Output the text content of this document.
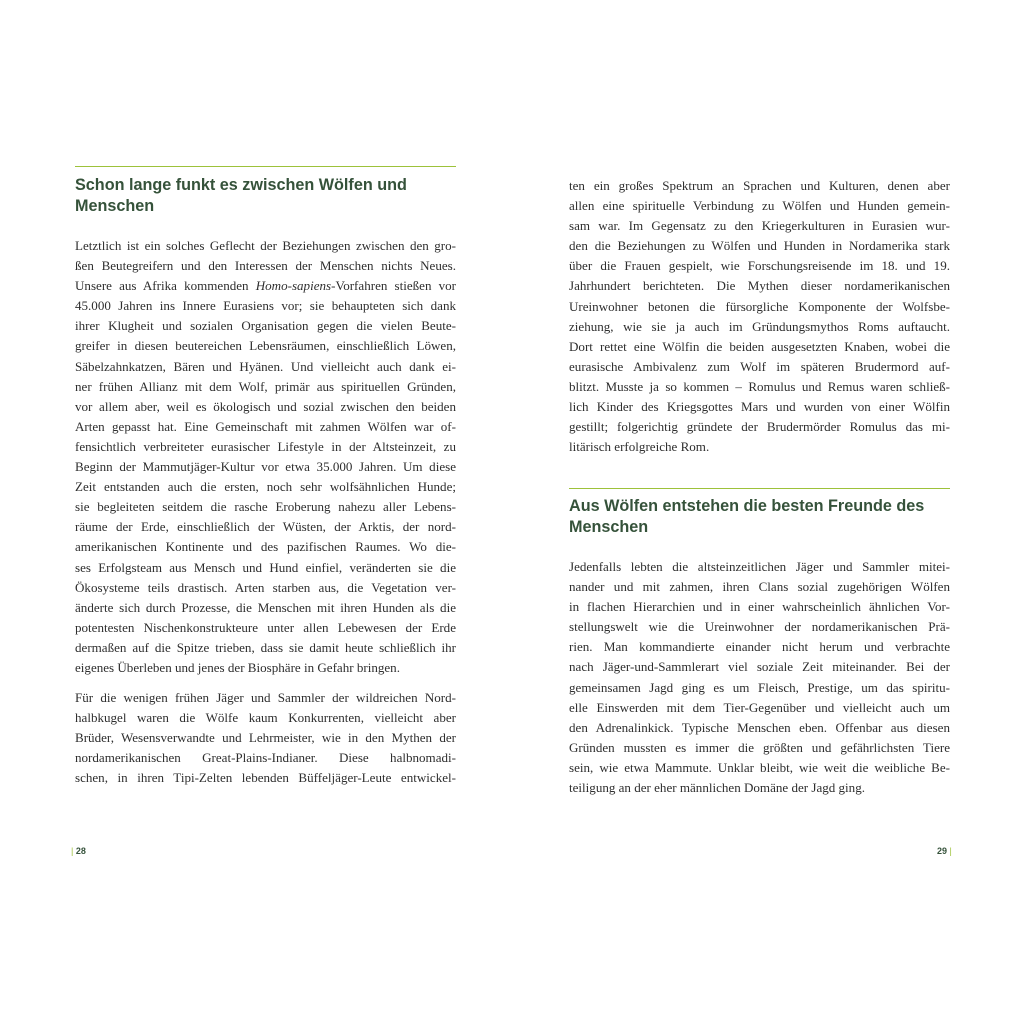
Schon lange funkt es zwischen Wölfen und
Menschen
Letztlich ist ein solches Geflecht der Beziehungen zwischen den gro-
ßen Beutegreifern und den Interessen der Menschen nichts Neues.
Unsere aus Afrika kommenden Homo-sapiens-Vorfahren stießen vor
45.000 Jahren ins Innere Eurasiens vor; sie behaupteten sich dank
ihrer Klugheit und sozialen Organisation gegen die vielen Beute-
greifer in diesen beutereichen Lebensräumen, einschließlich Löwen,
Säbelzahnkatzen, Bären und Hyänen. Und vielleicht auch dank ei-
ner frühen Allianz mit dem Wolf, primär aus spirituellen Gründen,
vor allem aber, weil es ökologisch und sozial zwischen den beiden
Arten gepasst hat. Eine Gemeinschaft mit zahmen Wölfen war of-
fensichtlich verbreiteter eurasischer Lifestyle in der Altsteinzeit, zu
Beginn der Mammutjäger-Kultur vor etwa 35.000 Jahren. Um diese
Zeit entstanden auch die ersten, noch sehr wolfsähnlichen Hunde;
sie begleiteten seitdem die rasche Eroberung nahezu aller Lebens-
räume der Erde, einschließlich der Wüsten, der Arktis, der nord-
amerikanischen Kontinente und des pazifischen Raumes. Wo die-
ses Erfolgsteam aus Mensch und Hund einfiel, veränderten sie die
Ökosysteme teils drastisch. Arten starben aus, die Vegetation ver-
änderte sich durch Prozesse, die Menschen mit ihren Hunden als die
potentesten Nischenkonstrukteure unter allen Lebewesen der Erde
dermaßen auf die Spitze trieben, dass sie damit heute schließlich ihr
eigenes Überleben und jenes der Biosphäre in Gefahr bringen.
Für die wenigen frühen Jäger und Sammler der wildreichen Nord-
halbkugel waren die Wölfe kaum Konkurrenten, vielleicht aber
Brüder, Wesensverwandte und Lehrmeister, wie in den Mythen der
nordamerikanischen Great-Plains-Indianer. Diese halbnomadi-
schen, in ihren Tipi-Zelten lebenden Büffeljäger-Leute entwickel-
ten ein großes Spektrum an Sprachen und Kulturen, denen aber
allen eine spirituelle Verbindung zu Wölfen und Hunden gemein-
sam war. Im Gegensatz zu den Kriegerkulturen in Eurasien wur-
den die Beziehungen zu Wölfen und Hunden in Nordamerika stark
über die Frauen gespielt, wie Forschungsreisende im 18. und 19.
Jahrhundert berichteten. Die Mythen dieser nordamerikanischen
Ureinwohner betonen die fürsorgliche Komponente der Wolfsbe-
ziehung, wie sie ja auch im Gründungsmythos Roms auftaucht.
Dort rettet eine Wölfin die beiden ausgesetzten Knaben, wobei die
eurasische Ambivalenz zum Wolf im späteren Brudermord auf-
blitzt. Musste ja so kommen – Romulus und Remus waren schließ-
lich Kinder des Kriegsgottes Mars und wurden von einer Wölfin
gestillt; folgerichtig gründete der Brudermörder Romulus das mi-
litärisch erfolgreiche Rom.
Aus Wölfen entstehen die besten Freunde des
Menschen
Jedenfalls lebten die altsteinzeitlichen Jäger und Sammler mitei-
nander und mit zahmen, ihren Clans sozial zugehörigen Wölfen
in flachen Hierarchien und in einer wahrscheinlich ähnlichen Vor-
stellungswelt wie die Ureinwohner der nordamerikanischen Prä-
rien. Man kommandierte einander nicht herum und verbrachte
nach Jäger-und-Sammlerart viel soziale Zeit miteinander. Bei der
gemeinsamen Jagd ging es um Fleisch, Prestige, um das spiritu-
elle Einswerden mit dem Tier-Gegenüber und vielleicht auch um
den Adrenalinkick. Typische Menschen eben. Offenbar aus diesen
Gründen mussten es immer die größten und gefährlichsten Tiere
sein, wie etwa Mammute. Unklar bleibt, wie weit die weibliche Be-
teiligung an der eher männlichen Domäne der Jagd ging.
| 28	29 |
